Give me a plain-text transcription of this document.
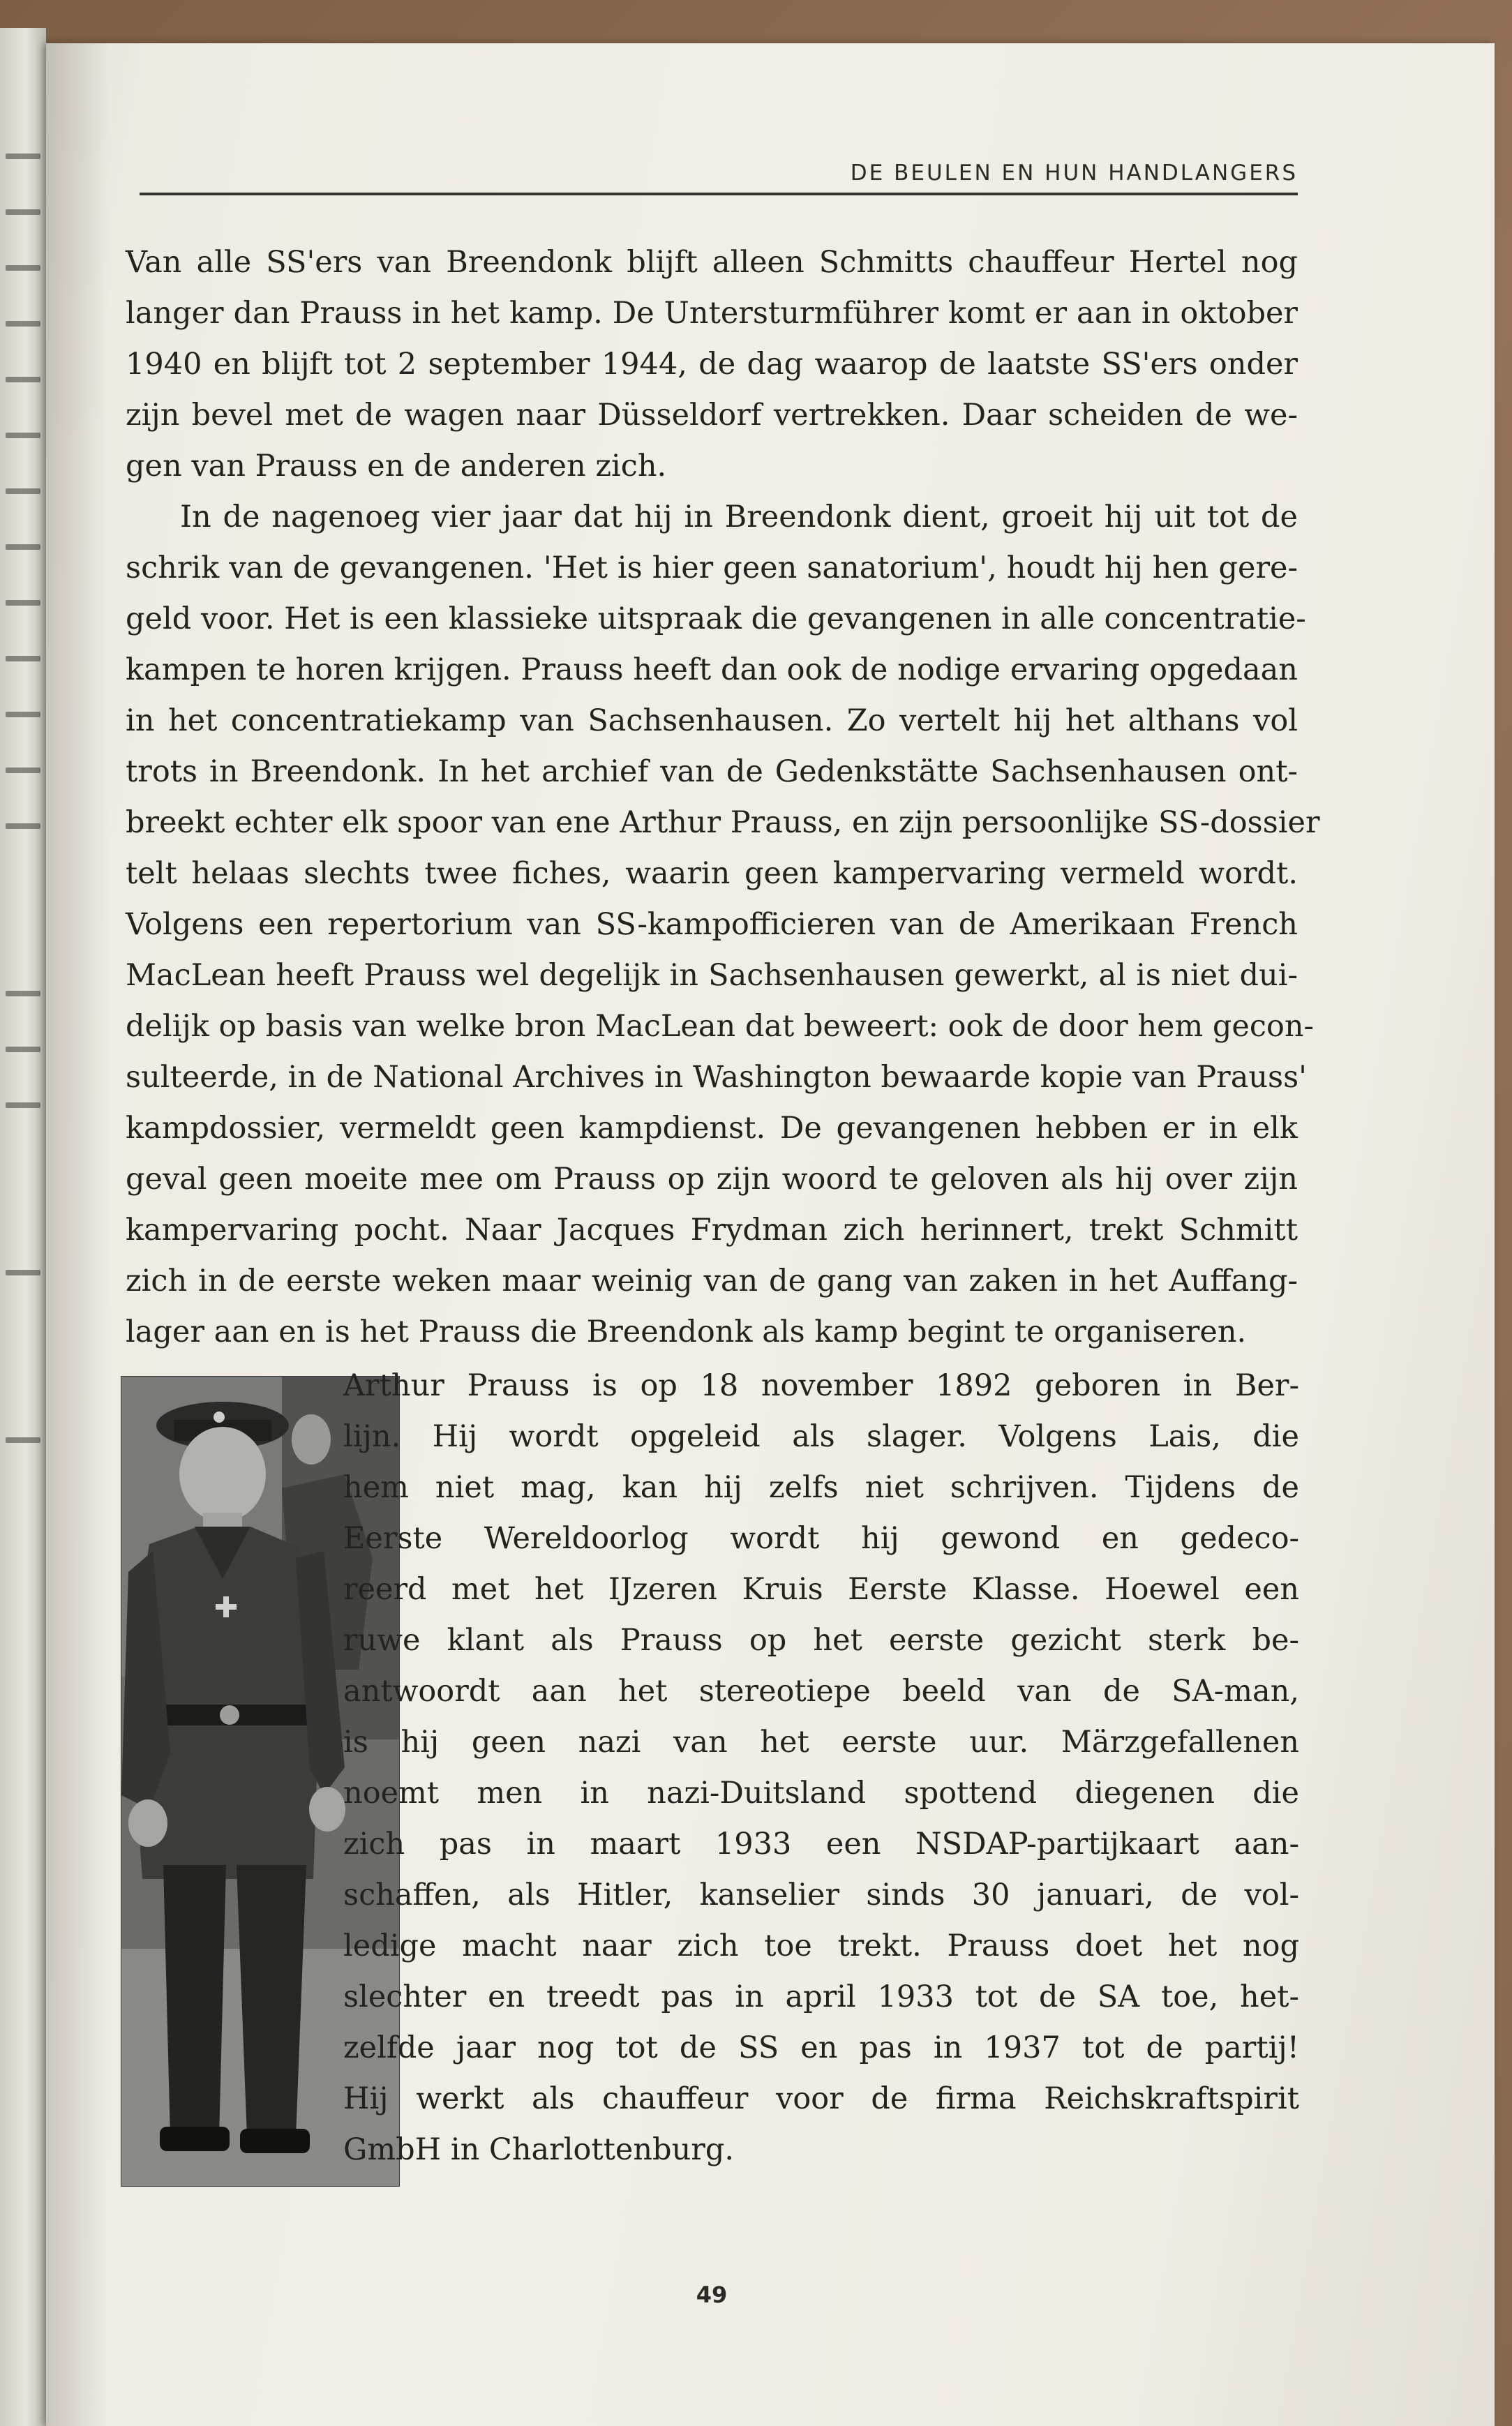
DE BEULEN EN HUN HANDLANGERS
Van alle SS'ers van Breendonk blijft alleen Schmitts chauffeur Hertel nog
langer dan Prauss in het kamp. De Untersturmführer komt er aan in oktober
1940 en blijft tot 2 september 1944, de dag waarop de laatste SS'ers onder
zijn bevel met de wagen naar Düsseldorf vertrekken. Daar scheiden de we-
gen van Prauss en de anderen zich.
In de nagenoeg vier jaar dat hij in Breendonk dient, groeit hij uit tot de
schrik van de gevangenen. 'Het is hier geen sanatorium', houdt hij hen gere-
geld voor. Het is een klassieke uitspraak die gevangenen in alle concentratie-
kampen te horen krijgen. Prauss heeft dan ook de nodige ervaring opgedaan
in het concentratiekamp van Sachsenhausen. Zo vertelt hij het althans vol
trots in Breendonk. In het archief van de Gedenkstätte Sachsenhausen ont-
breekt echter elk spoor van ene Arthur Prauss, en zijn persoonlijke SS-dossier
telt helaas slechts twee fiches, waarin geen kampervaring vermeld wordt.
Volgens een repertorium van SS-kampofficieren van de Amerikaan French
MacLean heeft Prauss wel degelijk in Sachsenhausen gewerkt, al is niet dui-
delijk op basis van welke bron MacLean dat beweert: ook de door hem gecon-
sulteerde, in de National Archives in Washington bewaarde kopie van Prauss'
kampdossier, vermeldt geen kampdienst. De gevangenen hebben er in elk
geval geen moeite mee om Prauss op zijn woord te geloven als hij over zijn
kampervaring pocht. Naar Jacques Frydman zich herinnert, trekt Schmitt
zich in de eerste weken maar weinig van de gang van zaken in het Auffang-
lager aan en is het Prauss die Breendonk als kamp begint te organiseren.
Arthur Prauss is op 18 november 1892 geboren in Ber-
lijn. Hij wordt opgeleid als slager. Volgens Lais, die
hem niet mag, kan hij zelfs niet schrijven. Tijdens de
Eerste Wereldoorlog wordt hij gewond en gedeco-
reerd met het IJzeren Kruis Eerste Klasse. Hoewel een
ruwe klant als Prauss op het eerste gezicht sterk be-
antwoordt aan het stereotiepe beeld van de SA-man,
is hij geen nazi van het eerste uur. Märzgefallenen
noemt men in nazi-Duitsland spottend diegenen die
zich pas in maart 1933 een NSDAP-partijkaart aan-
schaffen, als Hitler, kanselier sinds 30 januari, de vol-
ledige macht naar zich toe trekt. Prauss doet het nog
slechter en treedt pas in april 1933 tot de SA toe, het-
zelfde jaar nog tot de SS en pas in 1937 tot de partij!
Hij werkt als chauffeur voor de firma Reichskraftspirit
GmbH in Charlottenburg.
49
